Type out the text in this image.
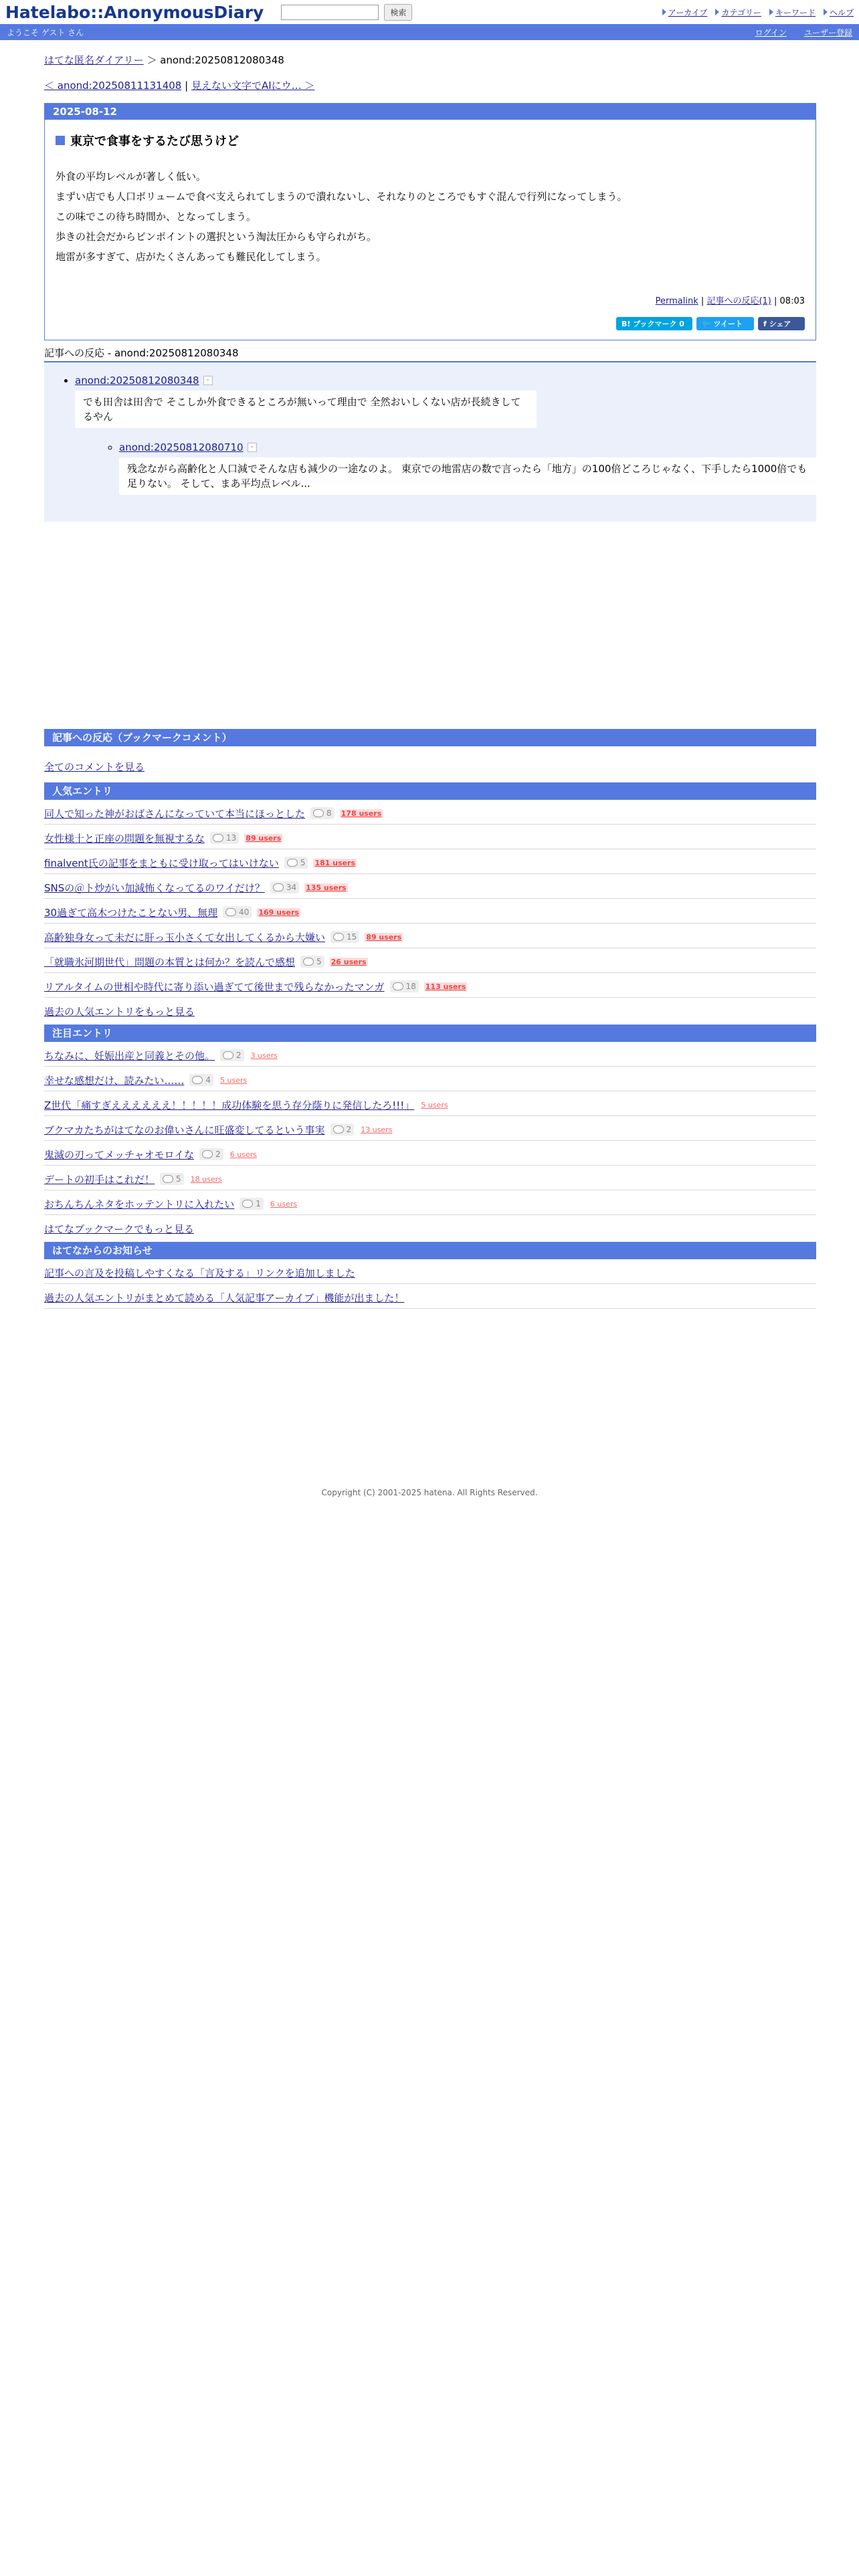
Hatelabo::AnonymousDiary	検索	アーカイブ カテゴリー キーワード ヘルプ
ようこそ ゲスト さん	ログイン ユーザー登録
はてな匿名ダイアリー ＞ anond:20250812080348
＜ anond:20250811131408 | 見えない文字でAIにウ… ＞
2025-08-12
東京で食事をするたび思うけど

外食の平均レベルが著しく低い。

まずい店でも人口ボリュームで食べ支えられてしまうので潰れないし、それなりのところでもすぐ混んで行列になってしまう。

この味でこの待ち時間か、となってしまう。

歩きの社会だからピンポイントの選択という淘汰圧からも守られがち。

地雷が多すぎて、店がたくさんあっても難民化してしまう。

Permalink | 記事への反応(1) | 08:03
B! ブックマーク 0	🐦 ツイート	f シェア
記事への反応 - anond:20250812080348
• anond:20250812080348	-
でも田舎は田舎で そこしか外食できるところが無いって理由で 全然おいしくない店が長続きしてるやん
◦ anond:20250812080710	-
残念ながら高齢化と人口減でそんな店も減少の一途なのよ。 東京での地雷店の数で言ったら「地方」の100倍どころじゃなく、下手したら1000倍でも足りない。 そして、まあ平均点レベル...
記事への反応（ブックマークコメント）
全てのコメントを見る
人気エントリ
同人で知った神がおばさんになっていて本当にほっとした	8 178 users
女性様十と正座の問題を無視するな	13 89 users
finalvent氏の記事をまともに受け取ってはいけない	5 181 users
SNSの＠ト炒がい加減怖くなってるのワイだけ？	34 135 users
30過ぎて高木つけたことない男、無理	40 169 users
高齢独身女って未だに肝っ玉小さくて女出してくるから大嫌い	15 89 users
「就職氷河期世代」問題の本質とは何か？を読んで感想	5 26 users
リアルタイムの世相や時代に寄り添い過ぎてて後世まで残らなかったマンガ	18 113 users
過去の人気エントリをもっと見る
注目エントリ
ちなみに、妊娠出産と同義とその他。	2 3 users
幸せな感想だけ、読みたい……	4 5 users
Z世代「痛すぎええええええ！！！！！成功体験を思う存分蔭りに発信したろ!!!」 5 users
ブクマカたちがはてなのお偉いさんに旺盛変してるという事実	2 13 users
鬼滅の刃ってメッチャオモロイな	2 6 users
デートの初手はこれだ！	5 18 users
おちんちんネタをホッテントリに入れたい	1 6 users
はてなブックマークでもっと見る
はてなからのお知らせ
記事への言及を投稿しやすくなる「言及する」リンクを追加しました
過去の人気エントリがまとめて読める「人気記事アーカイブ」機能が出ました！
Copyright (C) 2001-2025 hatena. All Rights Reserved.
